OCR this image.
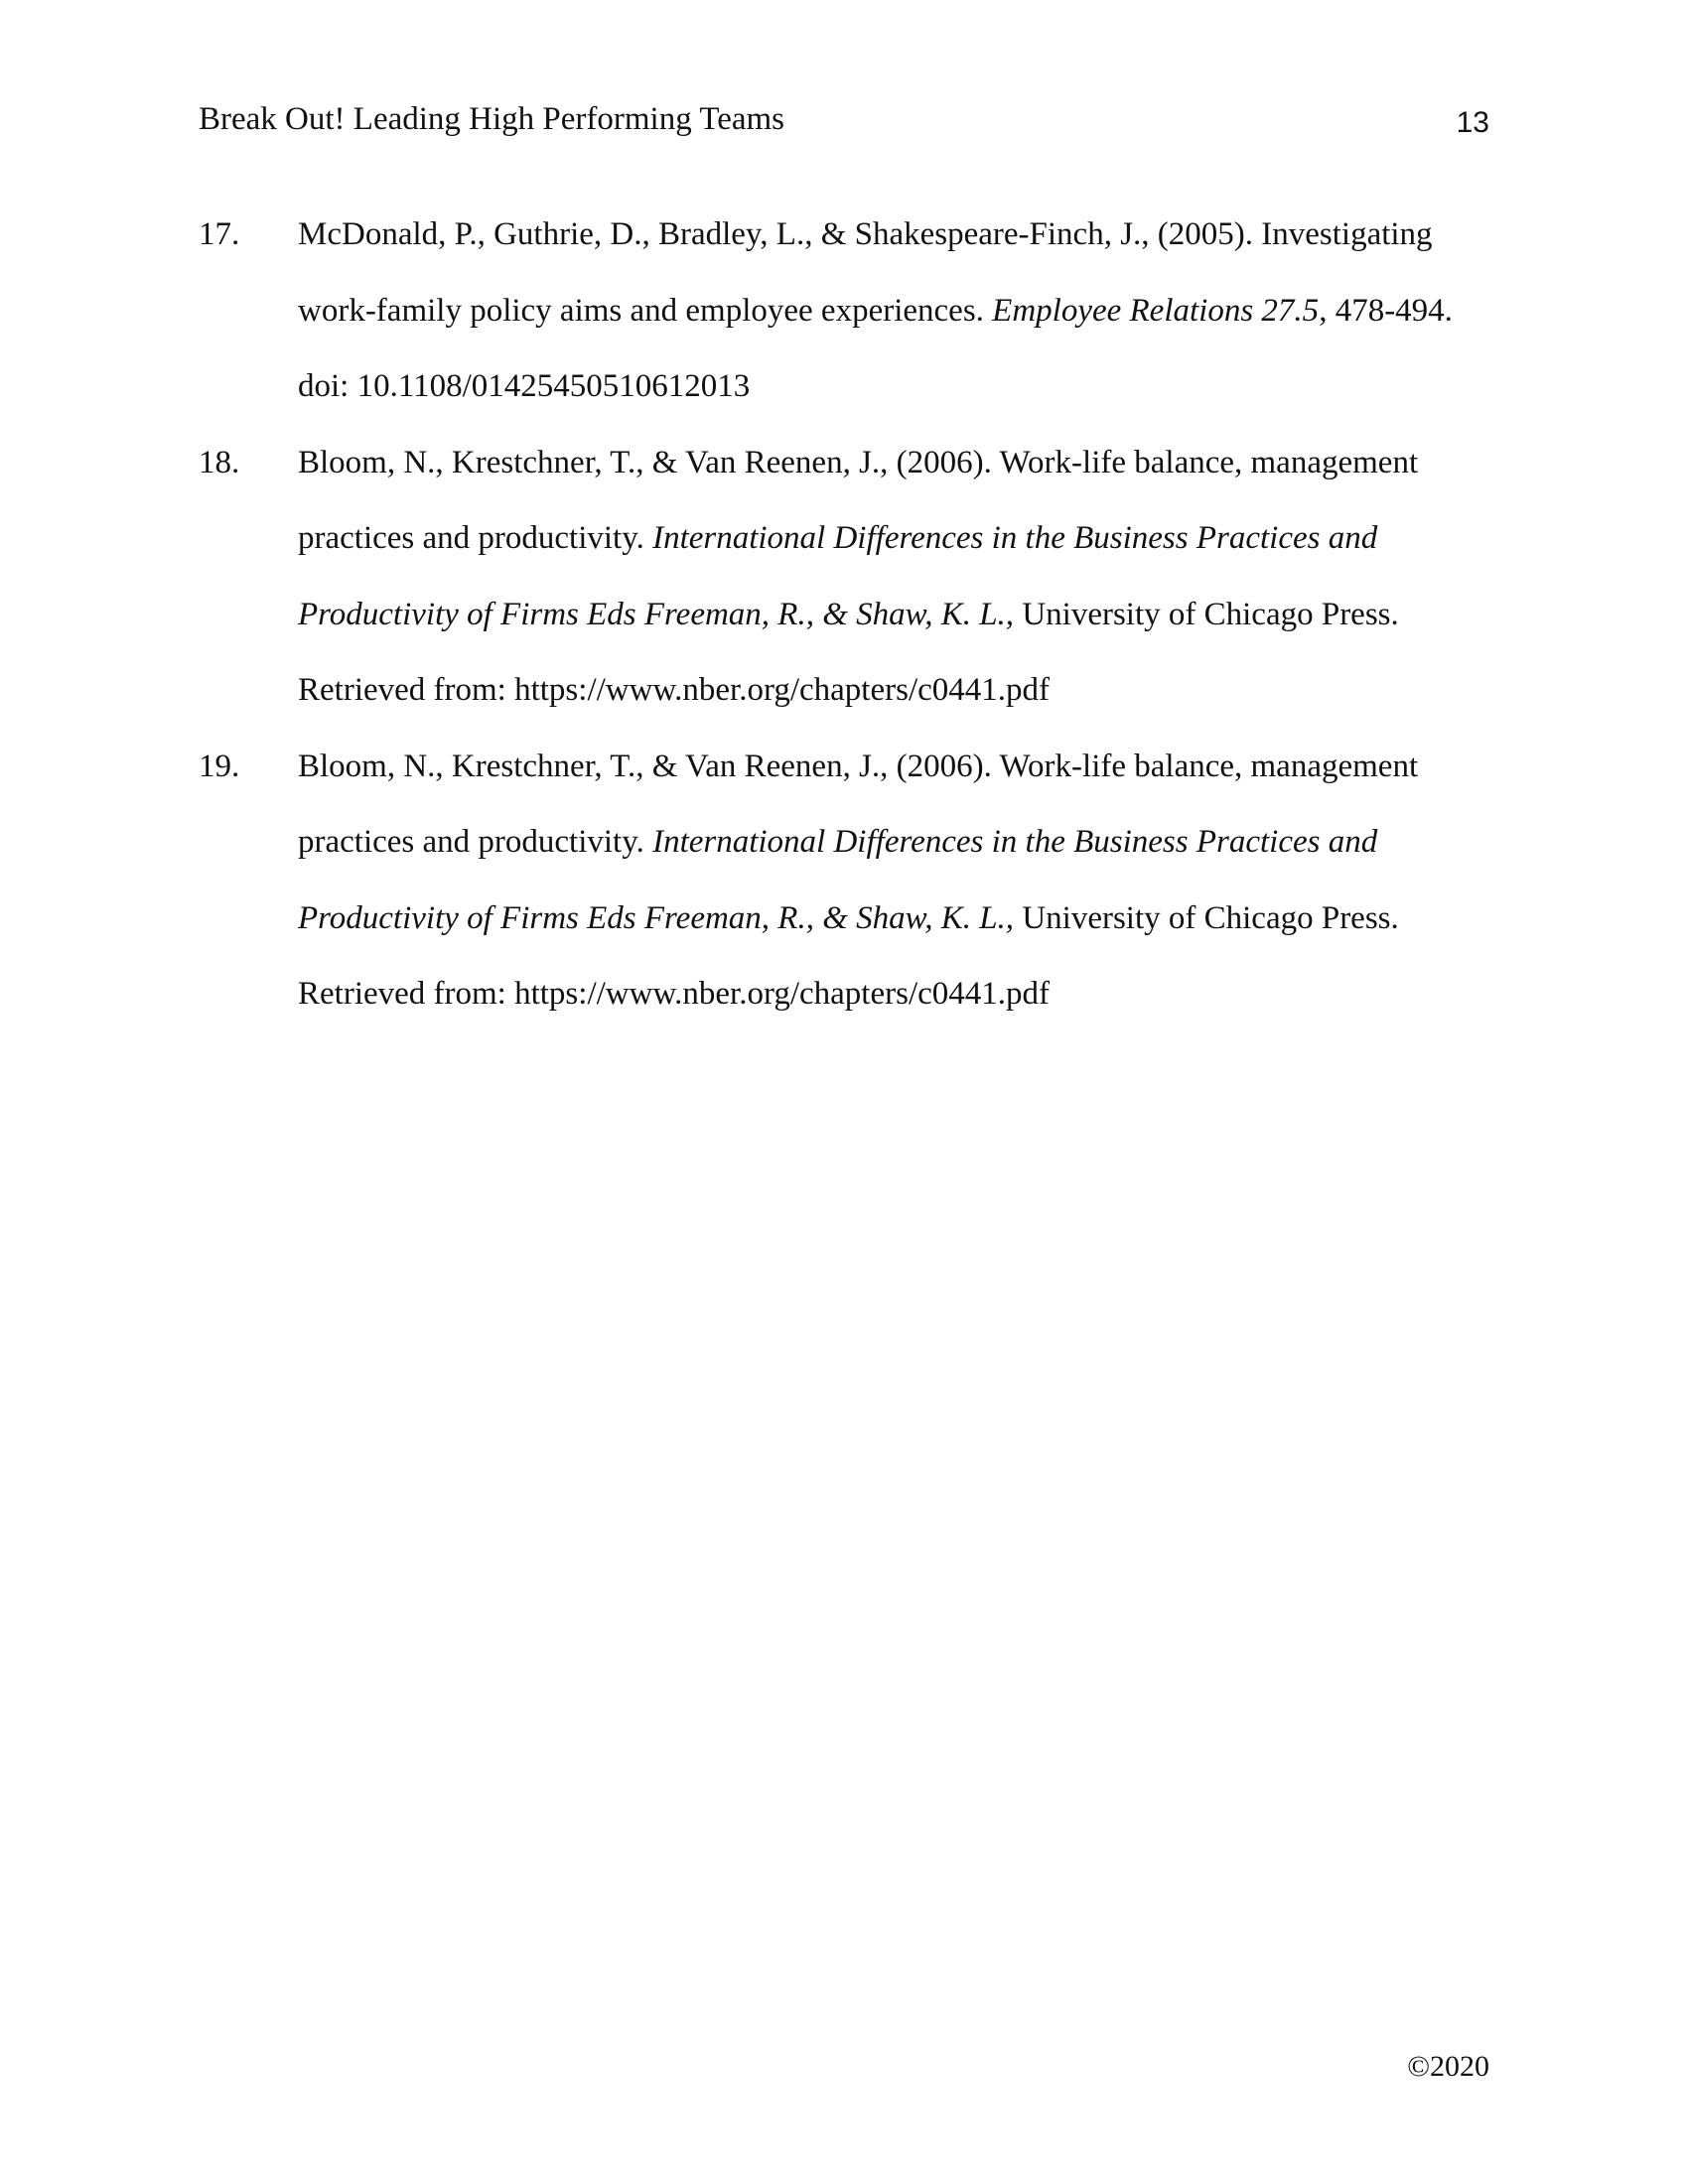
Break Out! Leading High Performing Teams	13
17. McDonald, P., Guthrie, D., Bradley, L., & Shakespeare-Finch, J., (2005). Investigating
work-family policy aims and employee experiences. Employee Relations 27.5, 478-494.
doi: 10.1108/01425450510612013
18. Bloom, N., Krestchner, T., & Van Reenen, J., (2006). Work-life balance, management
practices and productivity. International Differences in the Business Practices and
Productivity of Firms Eds Freeman, R., & Shaw, K. L., University of Chicago Press.
Retrieved from: https://www.nber.org/chapters/c0441.pdf
19. Bloom, N., Krestchner, T., & Van Reenen, J., (2006). Work-life balance, management
practices and productivity. International Differences in the Business Practices and
Productivity of Firms Eds Freeman, R., & Shaw, K. L., University of Chicago Press.
Retrieved from: https://www.nber.org/chapters/c0441.pdf
©2020
